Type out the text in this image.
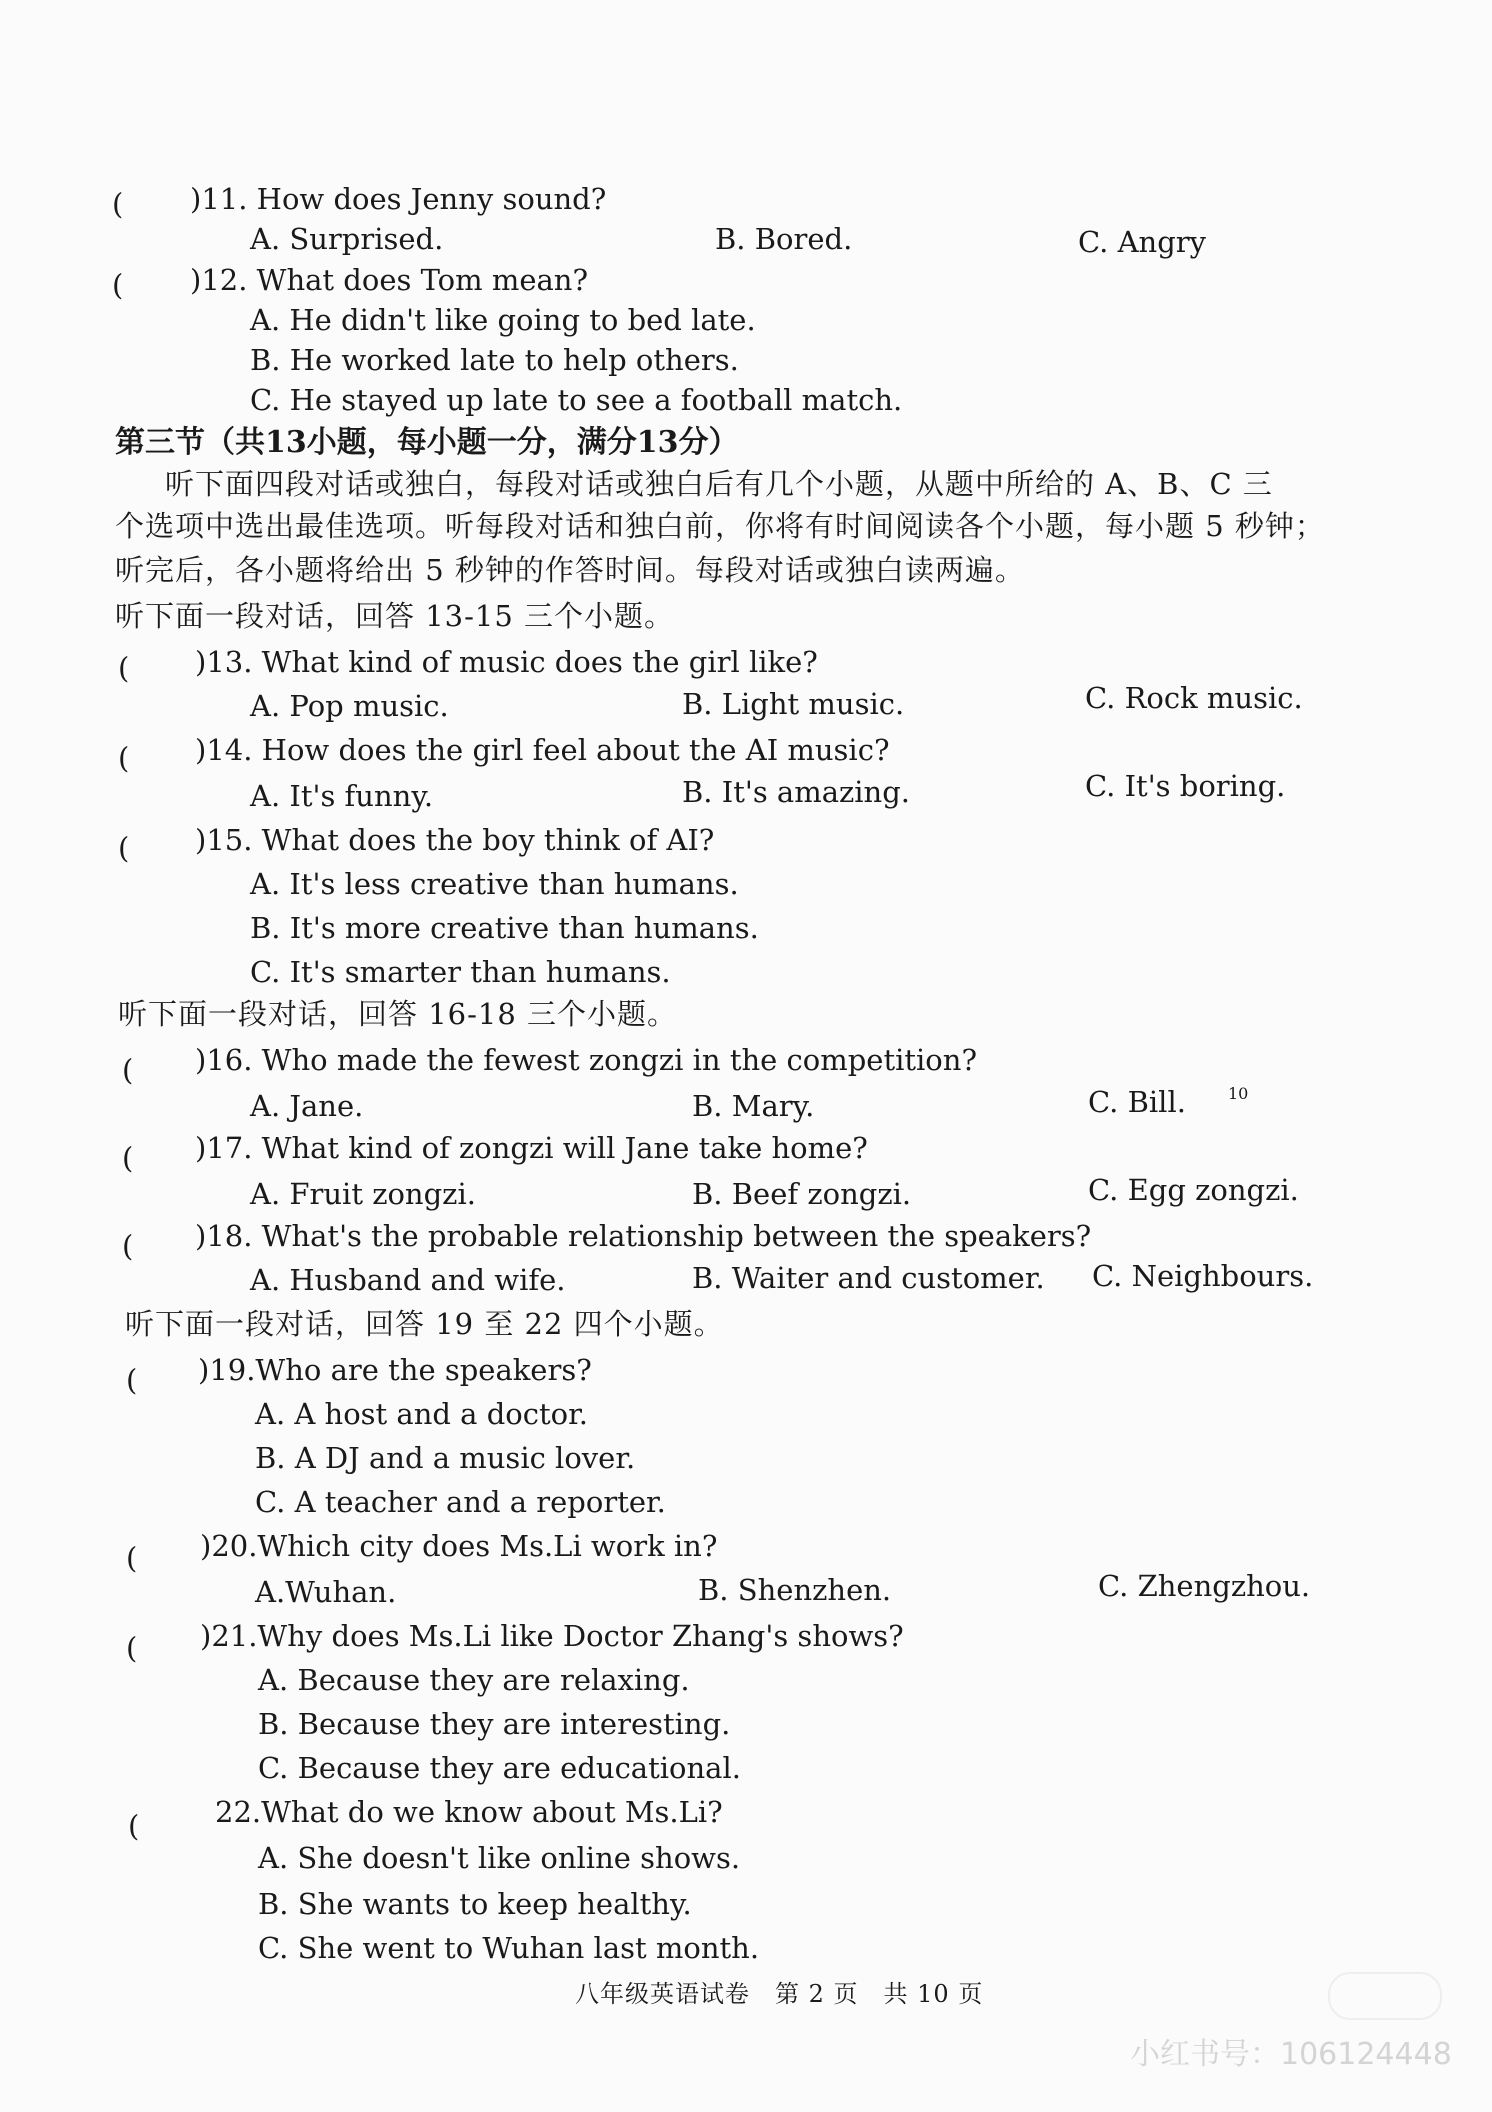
( )11. How does Jenny sound?
A. Surprised.	B. Bored.	C. Angry
( )12. What does Tom mean?
A. He didn't like going to bed late.
B. He worked late to help others.
C. He stayed up late to see a football match.
第三节（共13小题，每小题一分，满分13分）
听下面四段对话或独白，每段对话或独白后有几个小题，从题中所给的 A、B、C 三
个选项中选出最佳选项。听每段对话和独白前，你将有时间阅读各个小题，每小题 5 秒钟；
听完后，各小题将给出 5 秒钟的作答时间。每段对话或独白读两遍。
听下面一段对话，回答 13-15 三个小题。
( )13. What kind of music does the girl like?
A. Pop music.	B. Light music.	C. Rock music.
( )14. How does the girl feel about the AI music?
A. It's funny.	B. It's amazing.	C. It's boring.
( )15. What does the boy think of AI?
A. It's less creative than humans.
B. It's more creative than humans.
C. It's smarter than humans.
听下面一段对话，回答 16-18 三个小题。
( )16. Who made the fewest zongzi in the competition?
A. Jane.	B. Mary.	C. Bill.	10
( )17. What kind of zongzi will Jane take home?
A. Fruit zongzi.	B. Beef zongzi.	C. Egg zongzi.
( )18. What's the probable relationship between the speakers?
A. Husband and wife.	B. Waiter and customer. C. Neighbours.
听下面一段对话，回答 19 至 22 四个小题。
( )19.Who are the speakers?
A. A host and a doctor.
B. A DJ and a music lover.
C. A teacher and a reporter.
( )20.Which city does Ms.Li work in?
A.Wuhan.	B. Shenzhen.	C. Zhengzhou.
( )21.Why does Ms.Li like Doctor Zhang's shows?
A. Because they are relaxing.
B. Because they are interesting.
C. Because they are educational.
(	22.What do we know about Ms.Li?
A. She doesn't like online shows.
B. She wants to keep healthy.
C. She went to Wuhan last month.
八年级英语试卷　第 2 页　共 10 页
小红书号：106124448
